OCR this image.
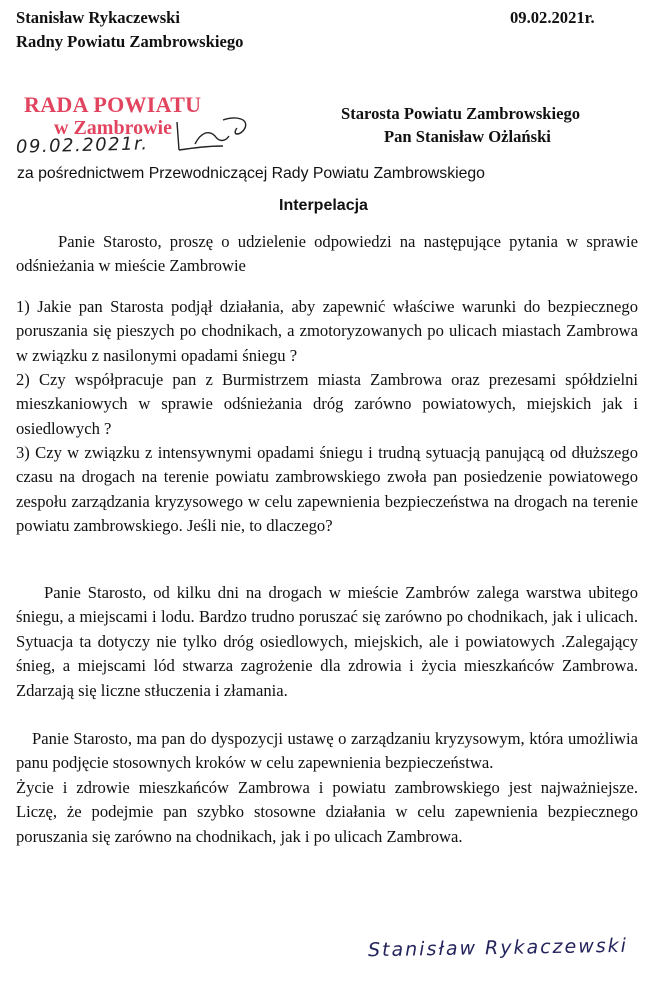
Stanisław Rykaczewski
Radny Powiatu Zambrowskiego
09.02.2021r.
RADA POWIATU
w Zambrowie
09.02.2021r.
Starosta Powiatu Zambrowskiego
Pan Stanisław Ożlański
za pośrednictwem Przewodniczącej Rady Powiatu Zambrowskiego
Interpelacja

Panie Starosto, proszę o udzielenie odpowiedzi na następujące pytania w sprawie odśnieżania w mieście Zambrowie

1) Jakie pan Starosta podjął działania, aby zapewnić właściwe warunki do bezpiecznego poruszania się pieszych po chodnikach, a zmotoryzowanych po ulicach miastach Zambrowa w związku z nasilonymi opadami śniegu ?

2) Czy współpracuje pan z Burmistrzem miasta Zambrowa oraz prezesami spółdzielni mieszkaniowych w sprawie odśnieżania dróg zarówno powiatowych, miejskich jak i osiedlowych ?

3) Czy w związku z intensywnymi opadami śniegu i trudną sytuacją panującą od dłuższego czasu na drogach na terenie powiatu zambrowskiego zwoła pan posiedzenie powiatowego zespołu zarządzania kryzysowego w celu zapewnienia bezpieczeństwa na drogach na terenie powiatu zambrowskiego. Jeśli nie, to dlaczego?

Panie Starosto, od kilku dni na drogach w mieście Zambrów zalega warstwa ubitego śniegu, a miejscami i lodu. Bardzo trudno poruszać się zarówno po chodnikach, jak i ulicach. Sytuacja ta dotyczy nie tylko dróg osiedlowych, miejskich, ale i powiatowych .Zalegający śnieg, a miejscami lód stwarza zagrożenie dla zdrowia i życia mieszkańców Zambrowa. Zdarzają się liczne stłuczenia i złamania.

Panie Starosto, ma pan do dyspozycji ustawę o zarządzaniu kryzysowym, która umożliwia panu podjęcie stosownych kroków w celu zapewnienia bezpieczeństwa.

Życie i zdrowie mieszkańców Zambrowa i powiatu zambrowskiego jest najważniejsze. Liczę, że podejmie pan szybko stosowne działania w celu zapewnienia bezpiecznego poruszania się zarówno na chodnikach, jak i po ulicach Zambrowa.

Stanisław Rykaczewski
